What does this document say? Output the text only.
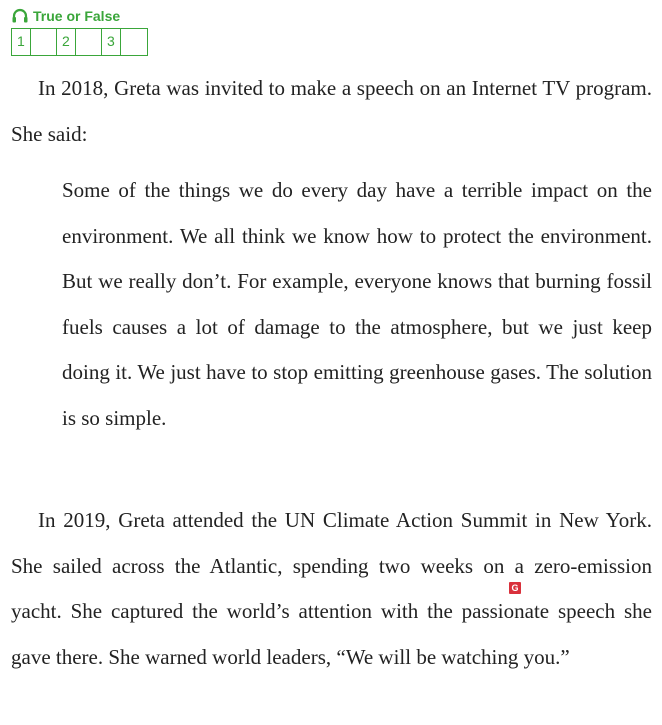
True or False
1	2	3
In 2018, Greta was invited to make a speech on an Internet TV program. She said:
Some of the things we do every day have a terrible impact on the environment. We all think we know how to protect the environment. But we really don’t. For example, everyone knows that burning fossil fuels causes a lot of damage to the atmosphere, but we just keep doing it. We just have to stop emitting greenhouse gases. The solution is so simple.
In 2019, Greta attended the UN Climate Action Summit in New York. She sailed across the Atlantic, spending two weeks on a zero-emission yacht. She captured the world’s attention with the passionate speech she gave there. She warned world leaders, “We will be watching you.”
G
